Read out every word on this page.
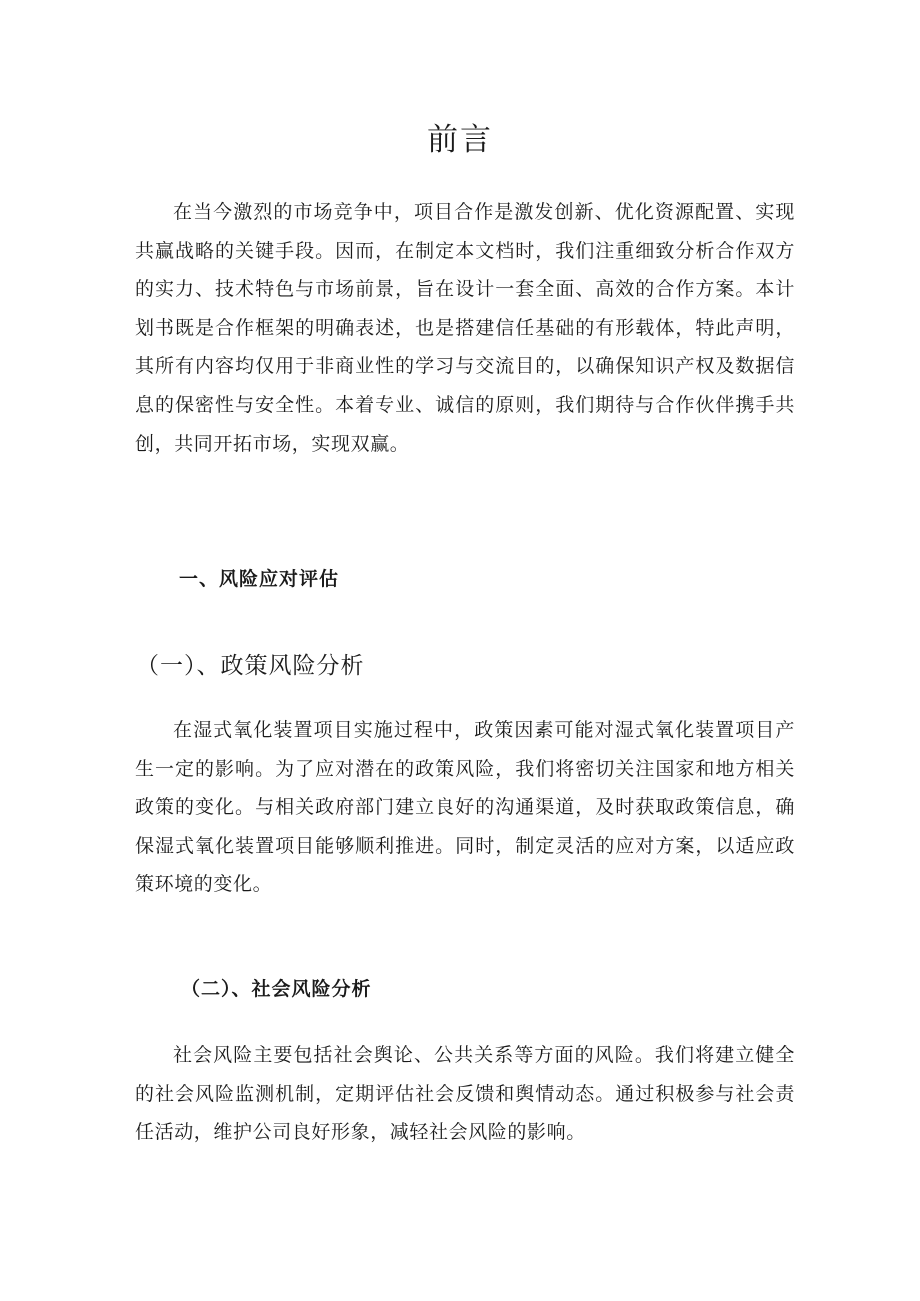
前言

在当今激烈的市场竞争中，项目合作是激发创新、优化资源配置、实现共赢战略的关键手段。因而，在制定本文档时，我们注重细致分析合作双方的实力、技术特色与市场前景，旨在设计一套全面、高效的合作方案。本计划书既是合作框架的明确表述，也是搭建信任基础的有形载体，特此声明，其所有内容均仅用于非商业性的学习与交流目的，以确保知识产权及数据信息的保密性与安全性。本着专业、诚信的原则，我们期待与合作伙伴携手共创，共同开拓市场，实现双赢。

一、风险应对评估
（一）、政策风险分析

在湿式氧化装置项目实施过程中，政策因素可能对湿式氧化装置项目产生一定的影响。为了应对潜在的政策风险，我们将密切关注国家和地方相关政策的变化。与相关政府部门建立良好的沟通渠道，及时获取政策信息，确保湿式氧化装置项目能够顺利推进。同时，制定灵活的应对方案，以适应政策环境的变化。

（二）、社会风险分析

社会风险主要包括社会舆论、公共关系等方面的风险。我们将建立健全的社会风险监测机制，定期评估社会反馈和舆情动态。通过积极参与社会责任活动，维护公司良好形象，减轻社会风险的影响。
